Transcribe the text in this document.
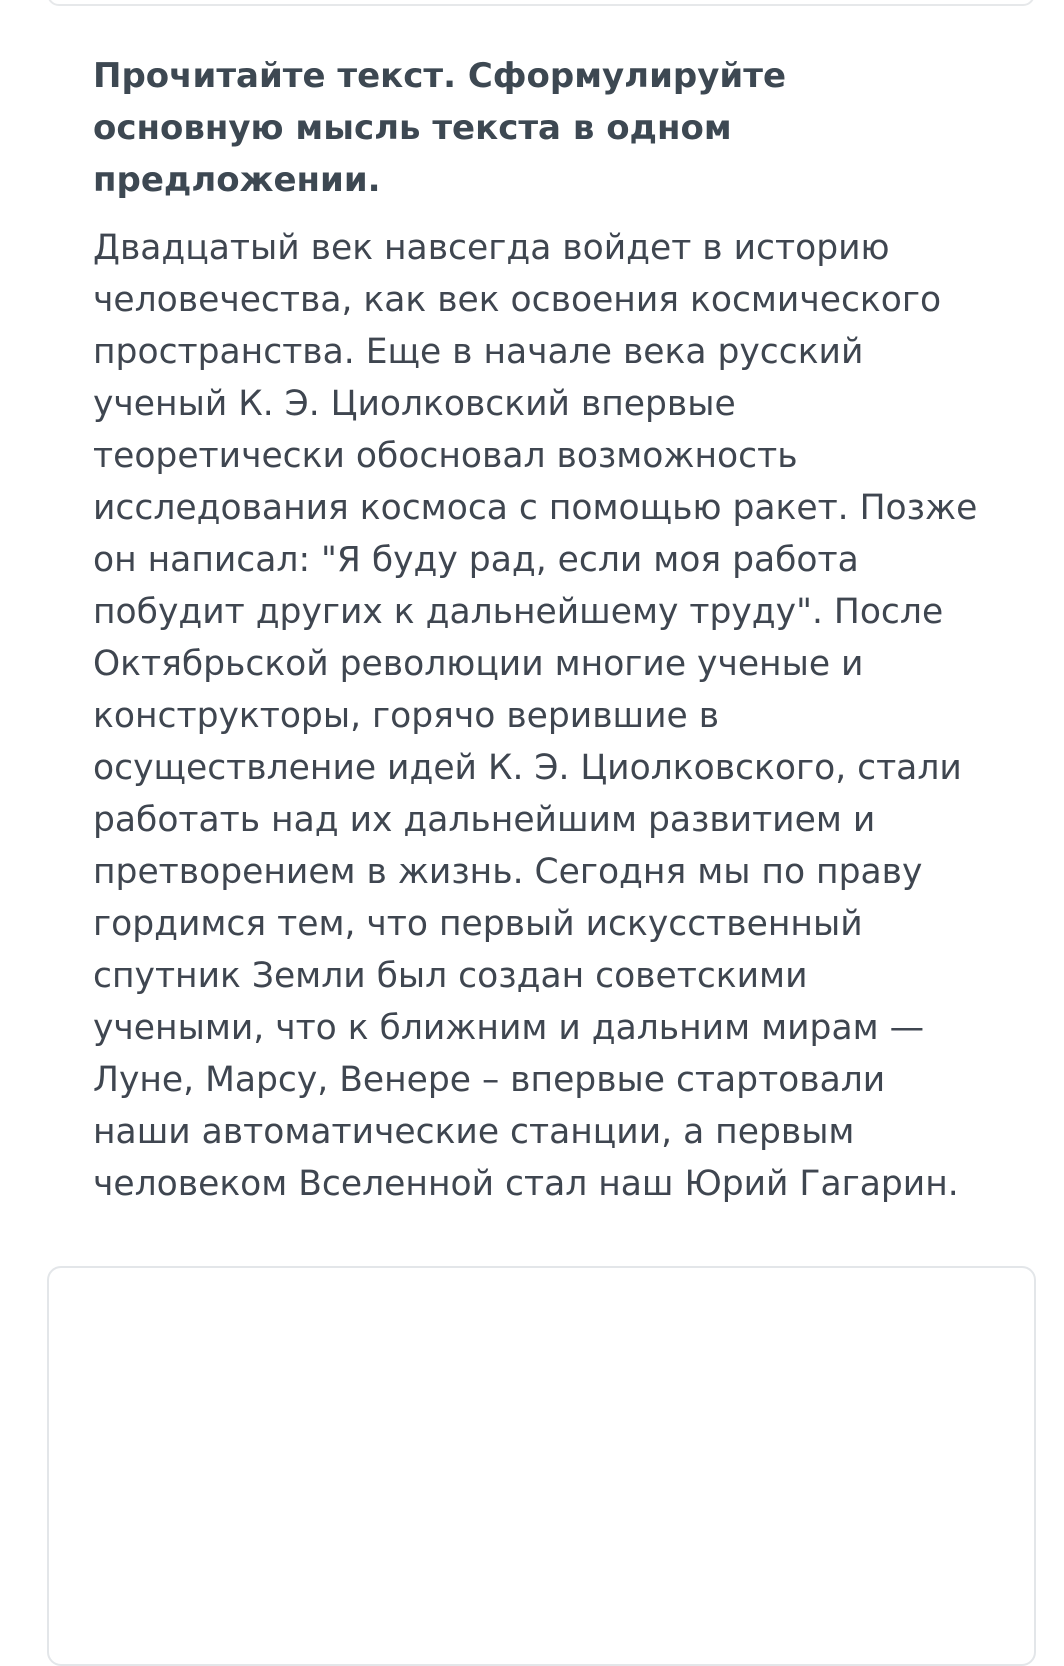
Прочитайте текст. Сформулируйте
основную мысль текста в одном
предложении.
Двадцатый век навсегда войдет в историю
человечества, как век освоения космического
пространства. Еще в начале века русский
ученый К. Э. Циолковский впервые
теоретически обосновал возможность
исследования космоса с помощью ракет. Позже
он написал: "Я буду рад, если моя работа
побудит других к дальнейшему труду". После
Октябрьской революции многие ученые и
конструкторы, горячо верившие в
осуществление идей К. Э. Циолковского, стали
работать над их дальнейшим развитием и
претворением в жизнь. Сегодня мы по праву
гордимся тем, что первый искусственный
спутник Земли был создан советскими
учеными, что к ближним и дальним мирам —
Луне, Марсу, Венере – впервые стартовали
наши автоматические станции, а первым
человеком Вселенной стал наш Юрий Гагарин.
